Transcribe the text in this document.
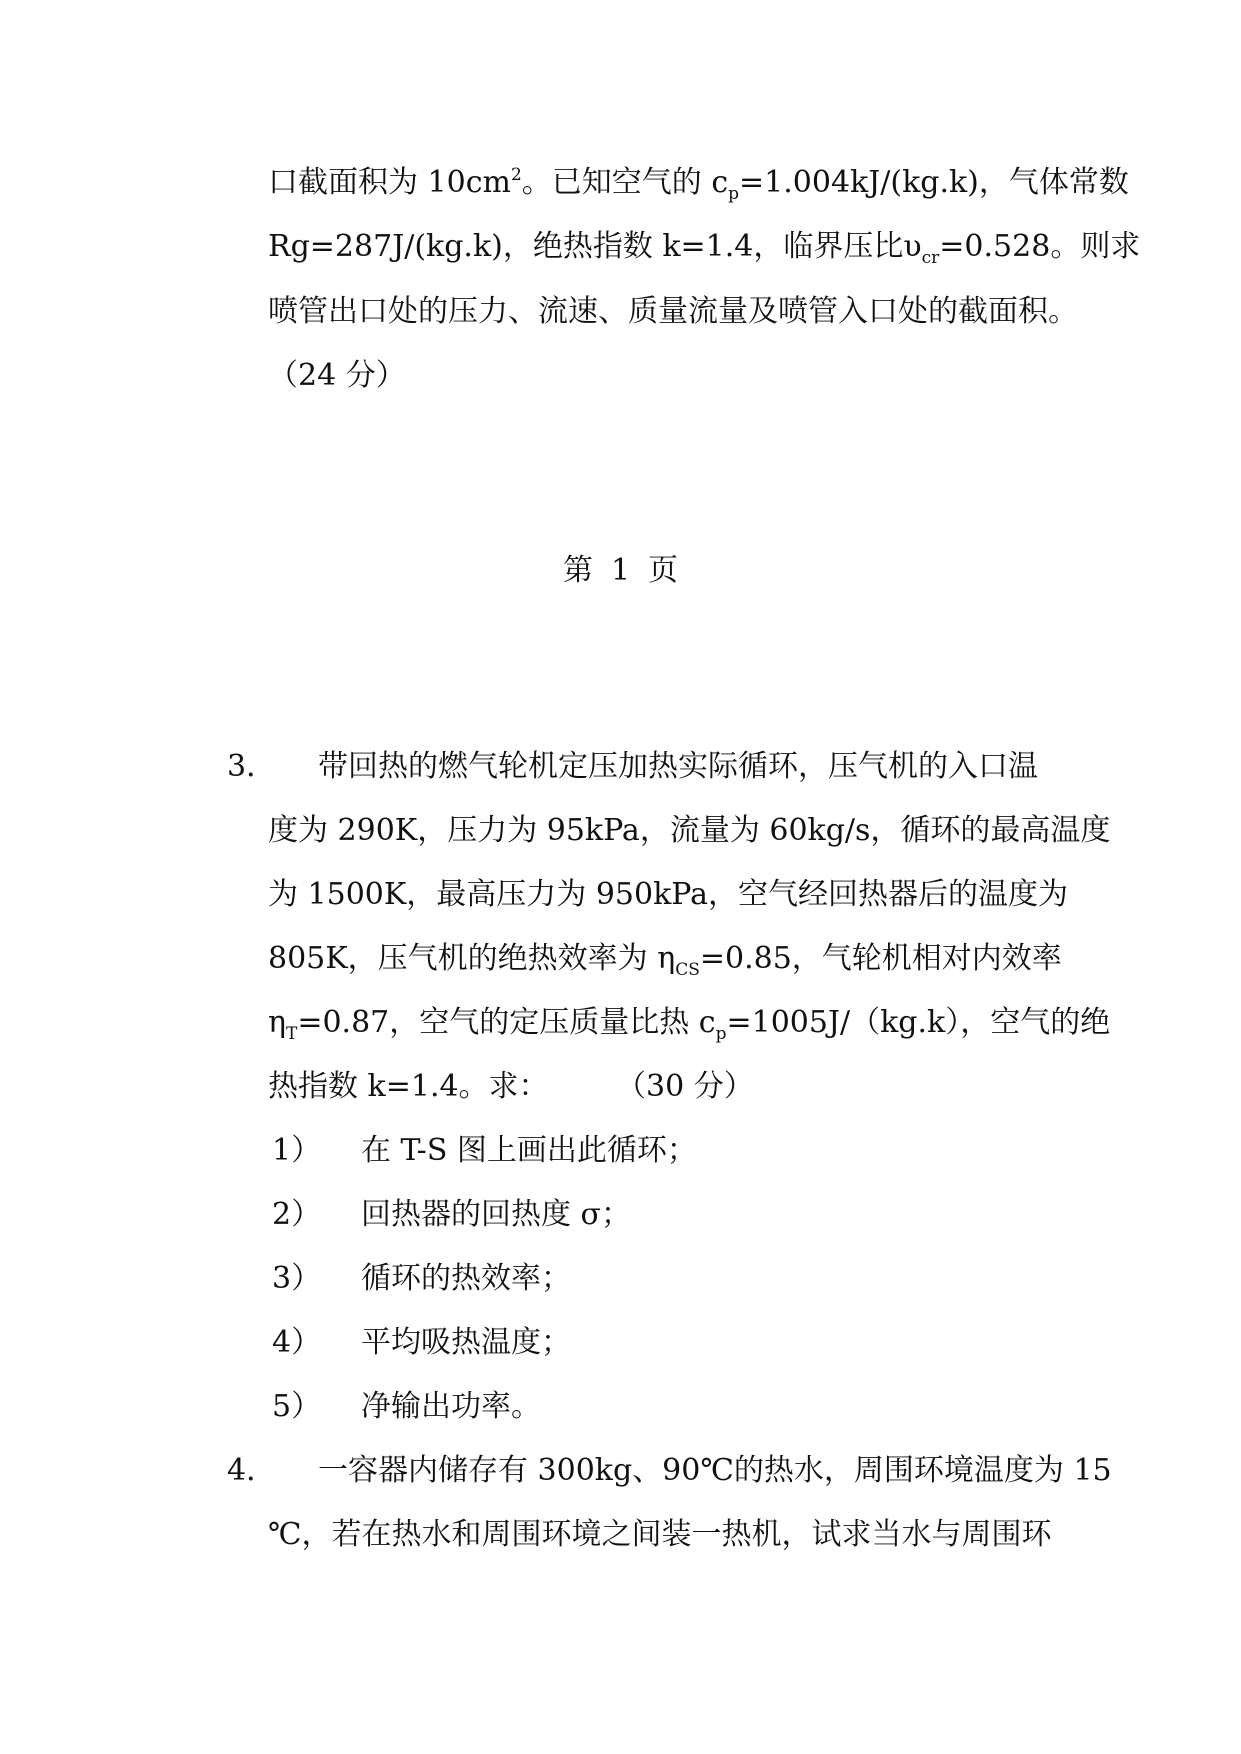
口截面积为 $10cm^2$。已知空气的 $c_p=1.004kJ/(kg.k)$，气体常数
Rg=287J/(kg.k)，绝热指数 k=1.4，临界压比$\upsilon_{cr}=0.528$。则求
喷管出口处的压力、流速、质量流量及喷管入口处的截面积。
（24 分）
第 1 页
3． 带回热的燃气轮机定压加热实际循环，压气机的入口温
度为 290K，压力为 95kPa，流量为 60kg/s，循环的最高温度
为 1500K，最高压力为 950kPa，空气经回热器后的温度为
805K，压气机的绝热效率为 $\eta_{CS}=0.85$，气轮机相对内效率
$\eta_T=0.87$，空气的定压质量比热 $c_p=1005J/(kg.k)$，空气的绝
热指数 k=1.4。求： （30 分）
1） 在 T-S 图上画出此循环；
2） 回热器的回热度 σ；
3） 循环的热效率；
4） 平均吸热温度；
5） 净输出功率。
4． 一容器内储存有 300kg、90℃的热水，周围环境温度为 15
℃，若在热水和周围环境之间装一热机，试求当水与周围环
